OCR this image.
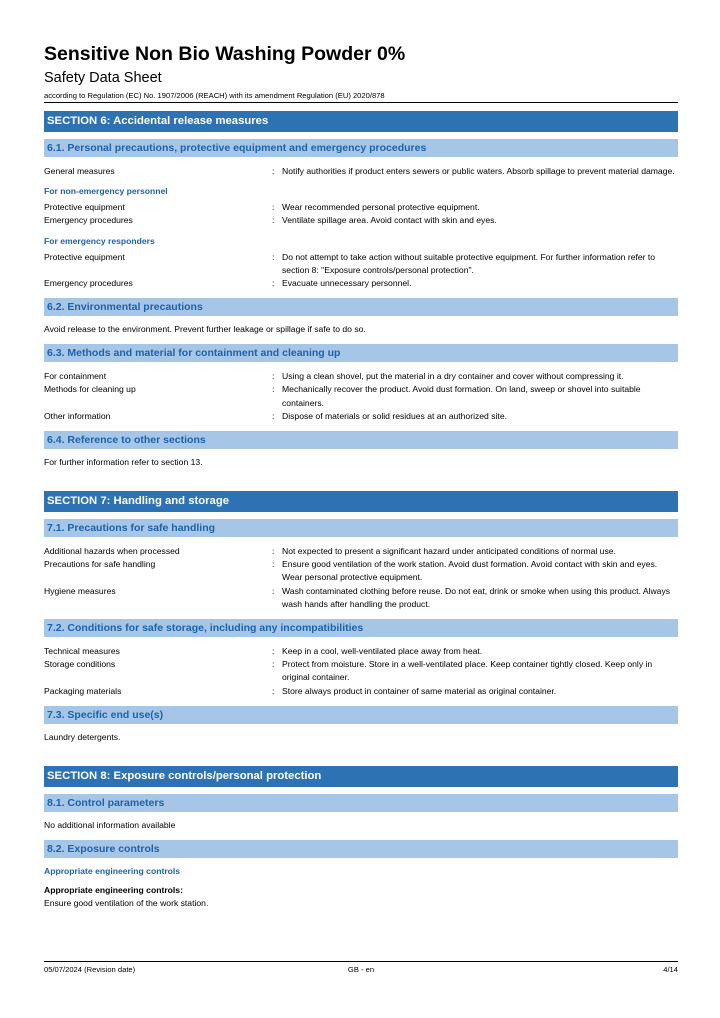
Sensitive Non Bio Washing Powder 0%
Safety Data Sheet
according to Regulation (EC) No. 1907/2006 (REACH) with its amendment Regulation (EU) 2020/878
SECTION 6: Accidental release measures
6.1. Personal precautions, protective equipment and emergency procedures
General measures	: Notify authorities if product enters sewers or public waters. Absorb spillage to prevent material damage.
For non-emergency personnel
Protective equipment	: Wear recommended personal protective equipment.
Emergency procedures	: Ventilate spillage area. Avoid contact with skin and eyes.
For emergency responders
Protective equipment	: Do not attempt to take action without suitable protective equipment. For further information refer to section 8: "Exposure controls/personal protection".
Emergency procedures	: Evacuate unnecessary personnel.
6.2. Environmental precautions
Avoid release to the environment. Prevent further leakage or spillage if safe to do so.
6.3. Methods and material for containment and cleaning up
For containment	: Using a clean shovel, put the material in a dry container and cover without compressing it.
Methods for cleaning up	: Mechanically recover the product. Avoid dust formation. On land, sweep or shovel into suitable containers.
Other information	: Dispose of materials or solid residues at an authorized site.
6.4. Reference to other sections
For further information refer to section 13.
SECTION 7: Handling and storage
7.1. Precautions for safe handling
Additional hazards when processed	: Not expected to present a significant hazard under anticipated conditions of normal use.
Precautions for safe handling	: Ensure good ventilation of the work station. Avoid dust formation. Avoid contact with skin and eyes. Wear personal protective equipment.
Hygiene measures	: Wash contaminated clothing before reuse. Do not eat, drink or smoke when using this product. Always wash hands after handling the product.
7.2. Conditions for safe storage, including any incompatibilities
Technical measures	: Keep in a cool, well-ventilated place away from heat.
Storage conditions	: Protect from moisture. Store in a well-ventilated place. Keep container tightly closed. Keep only in original container.
Packaging materials	: Store always product in container of same material as original container.
7.3. Specific end use(s)
Laundry detergents.
SECTION 8: Exposure controls/personal protection
8.1. Control parameters
No additional information available
8.2. Exposure controls
Appropriate engineering controls
Appropriate engineering controls:
Ensure good ventilation of the work station.
05/07/2024 (Revision date)	GB - en	4/14
